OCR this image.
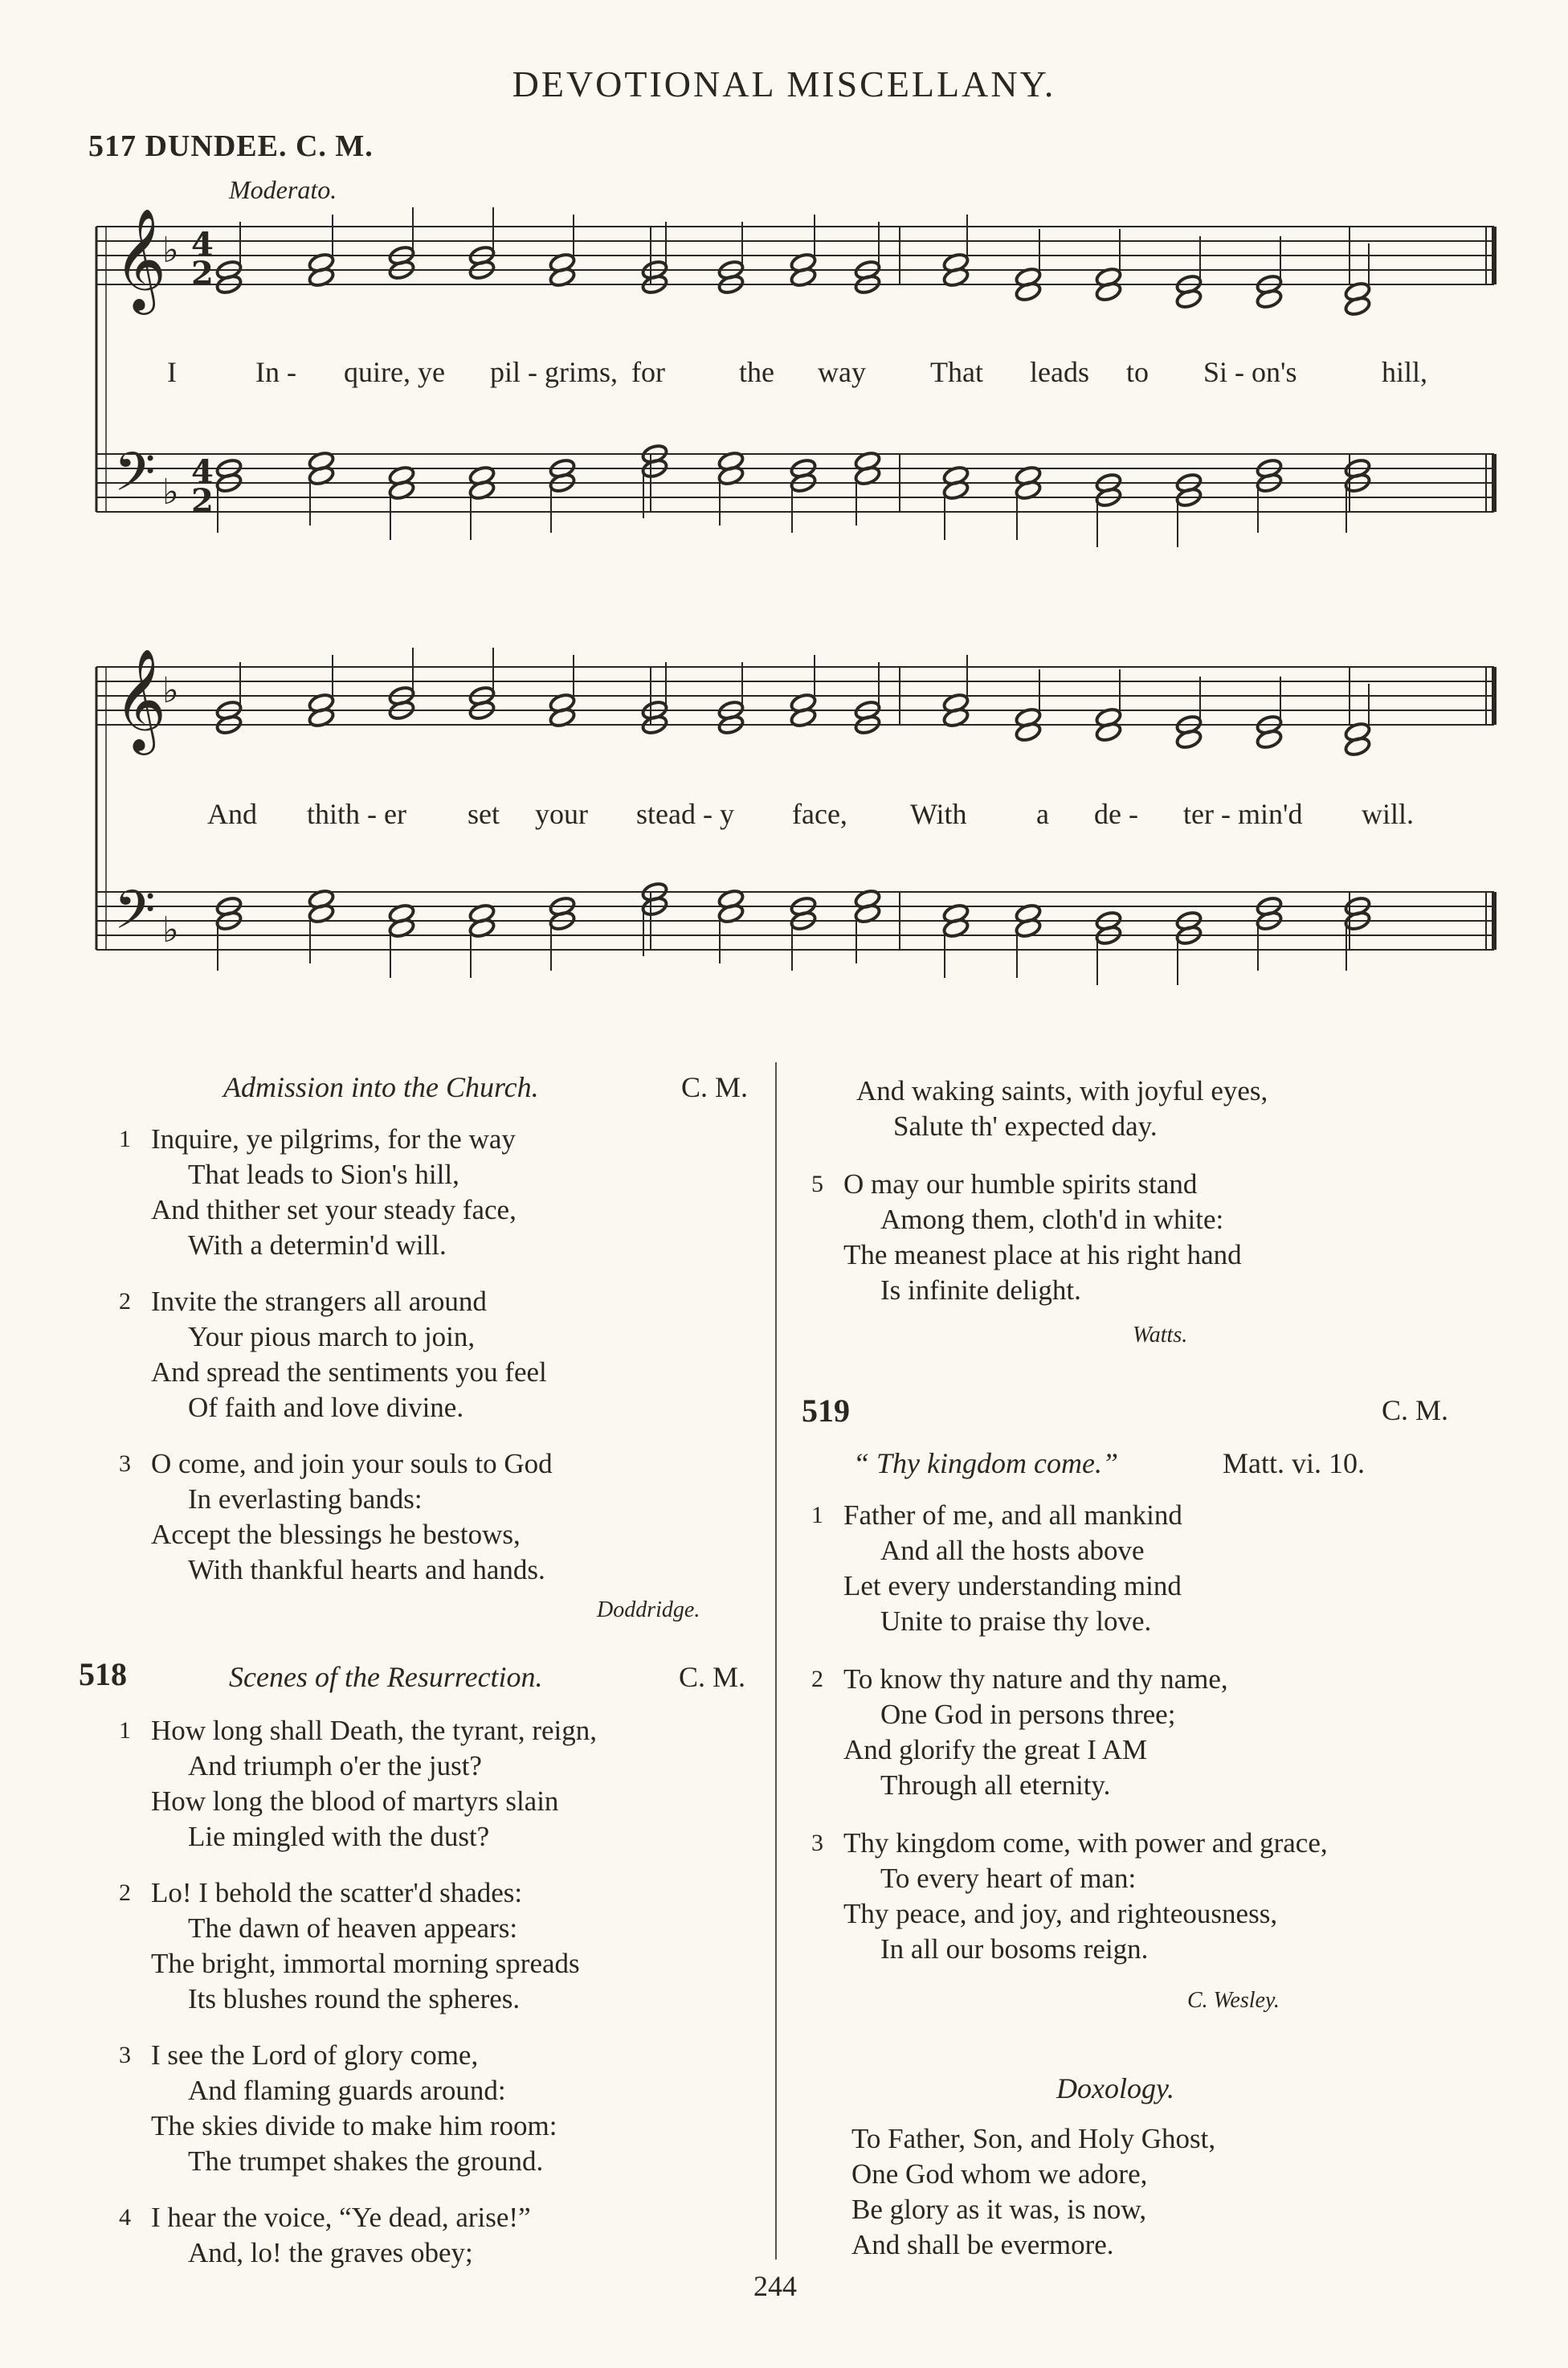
DEVOTIONAL MISCELLANY.
517 DUNDEE. C. M.
Moderato.
𝄞
𝄢
♭
♭
4
2
4
2
𝄞
𝄢
♭
♭
I	In - quire, ye pil - grims, for	the way That leads to Si - on's	hill,
And thith - er set your stead - y face, With a de - ter - min'd will.
Admission into the Church.	C. M.
1 Inquire, ye pilgrims, for the way
That leads to Sion's hill,
And thither set your steady face,
With a determin'd will.
2 Invite the strangers all around
Your pious march to join,
And spread the sentiments you feel
Of faith and love divine.
3 O come, and join your souls to God
In everlasting bands:
Accept the blessings he bestows,
With thankful hearts and hands.
Doddridge.
518	Scenes of the Resurrection.	C. M.
1 How long shall Death, the tyrant, reign,
And triumph o'er the just?
How long the blood of martyrs slain
Lie mingled with the dust?
2 Lo! I behold the scatter'd shades:
The dawn of heaven appears:
The bright, immortal morning spreads
Its blushes round the spheres.
3 I see the Lord of glory come,
And flaming guards around:
The skies divide to make him room:
The trumpet shakes the ground.
4 I hear the voice, “Ye dead, arise!”
And, lo! the graves obey;
And waking saints, with joyful eyes,
Salute th' expected day.
5 O may our humble spirits stand
Among them, cloth'd in white:
The meanest place at his right hand
Is infinite delight.
Watts.
519	C. M.
“ Thy kingdom come.”	Matt. vi. 10.
1 Father of me, and all mankind
And all the hosts above
Let every understanding mind
Unite to praise thy love.
2 To know thy nature and thy name,
One God in persons three;
And glorify the great I AM
Through all eternity.
3 Thy kingdom come, with power and grace,
To every heart of man:
Thy peace, and joy, and righteousness,
In all our bosoms reign.
C. Wesley.
Doxology.
To Father, Son, and Holy Ghost,
One God whom we adore,
Be glory as it was, is now,
And shall be evermore.
244
